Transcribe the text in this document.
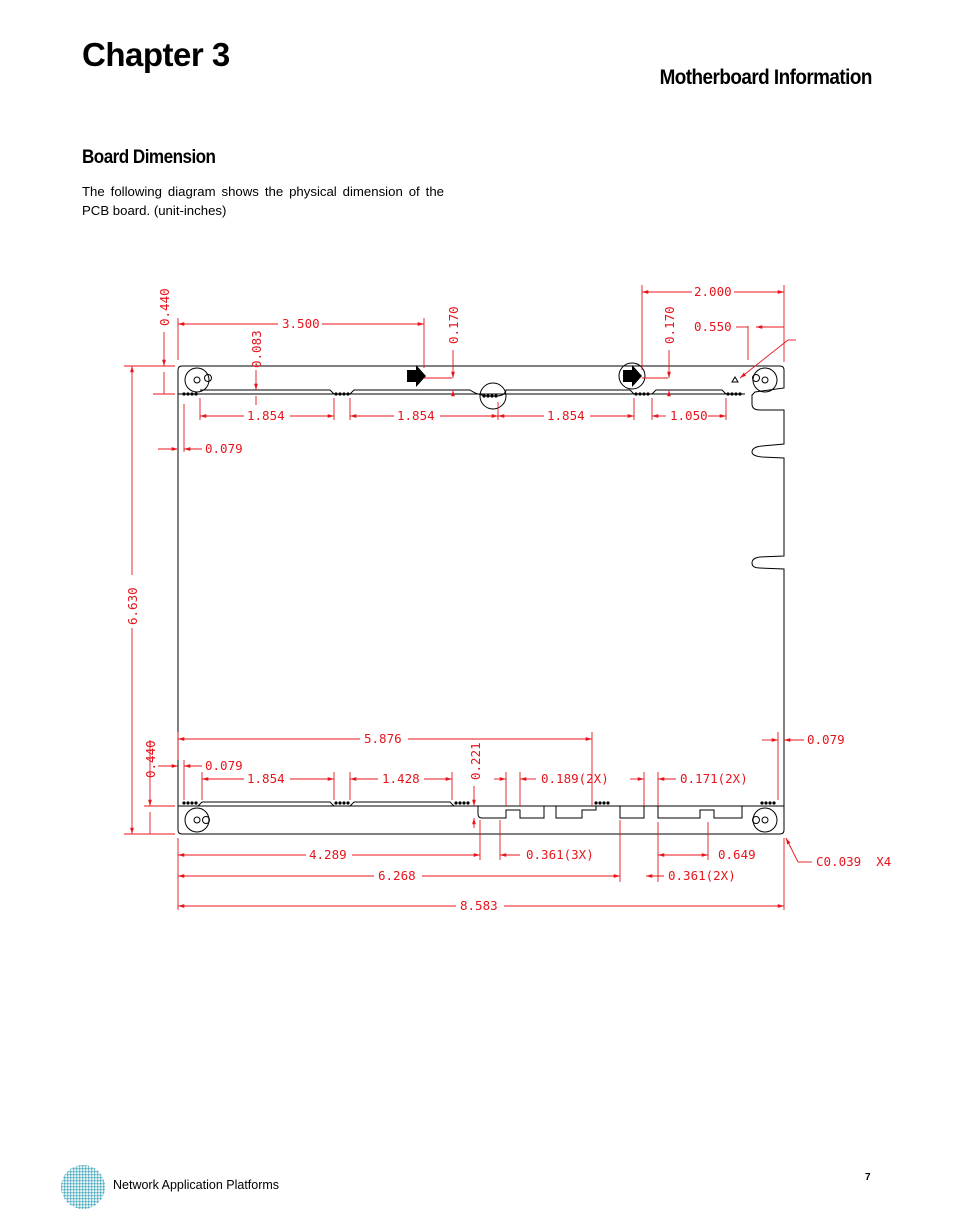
Chapter 3
Motherboard Information
Board Dimension
The following diagram shows the physical dimension of the PCB board. (unit-inches)
0.440	3.500
0.083
0.170	0.170
2.000
0.550
1.854	1.854	1.854	1.050
0.079
6.630
0.440
5.876	0.079
0.079
1.854	1.428	0.221	0.189(2X)	0.171(2X)
4.289	0.361(3X)	0.649
6.268	0.361(2X)
8.583
C0.039  X4
Network Application Platforms
7
